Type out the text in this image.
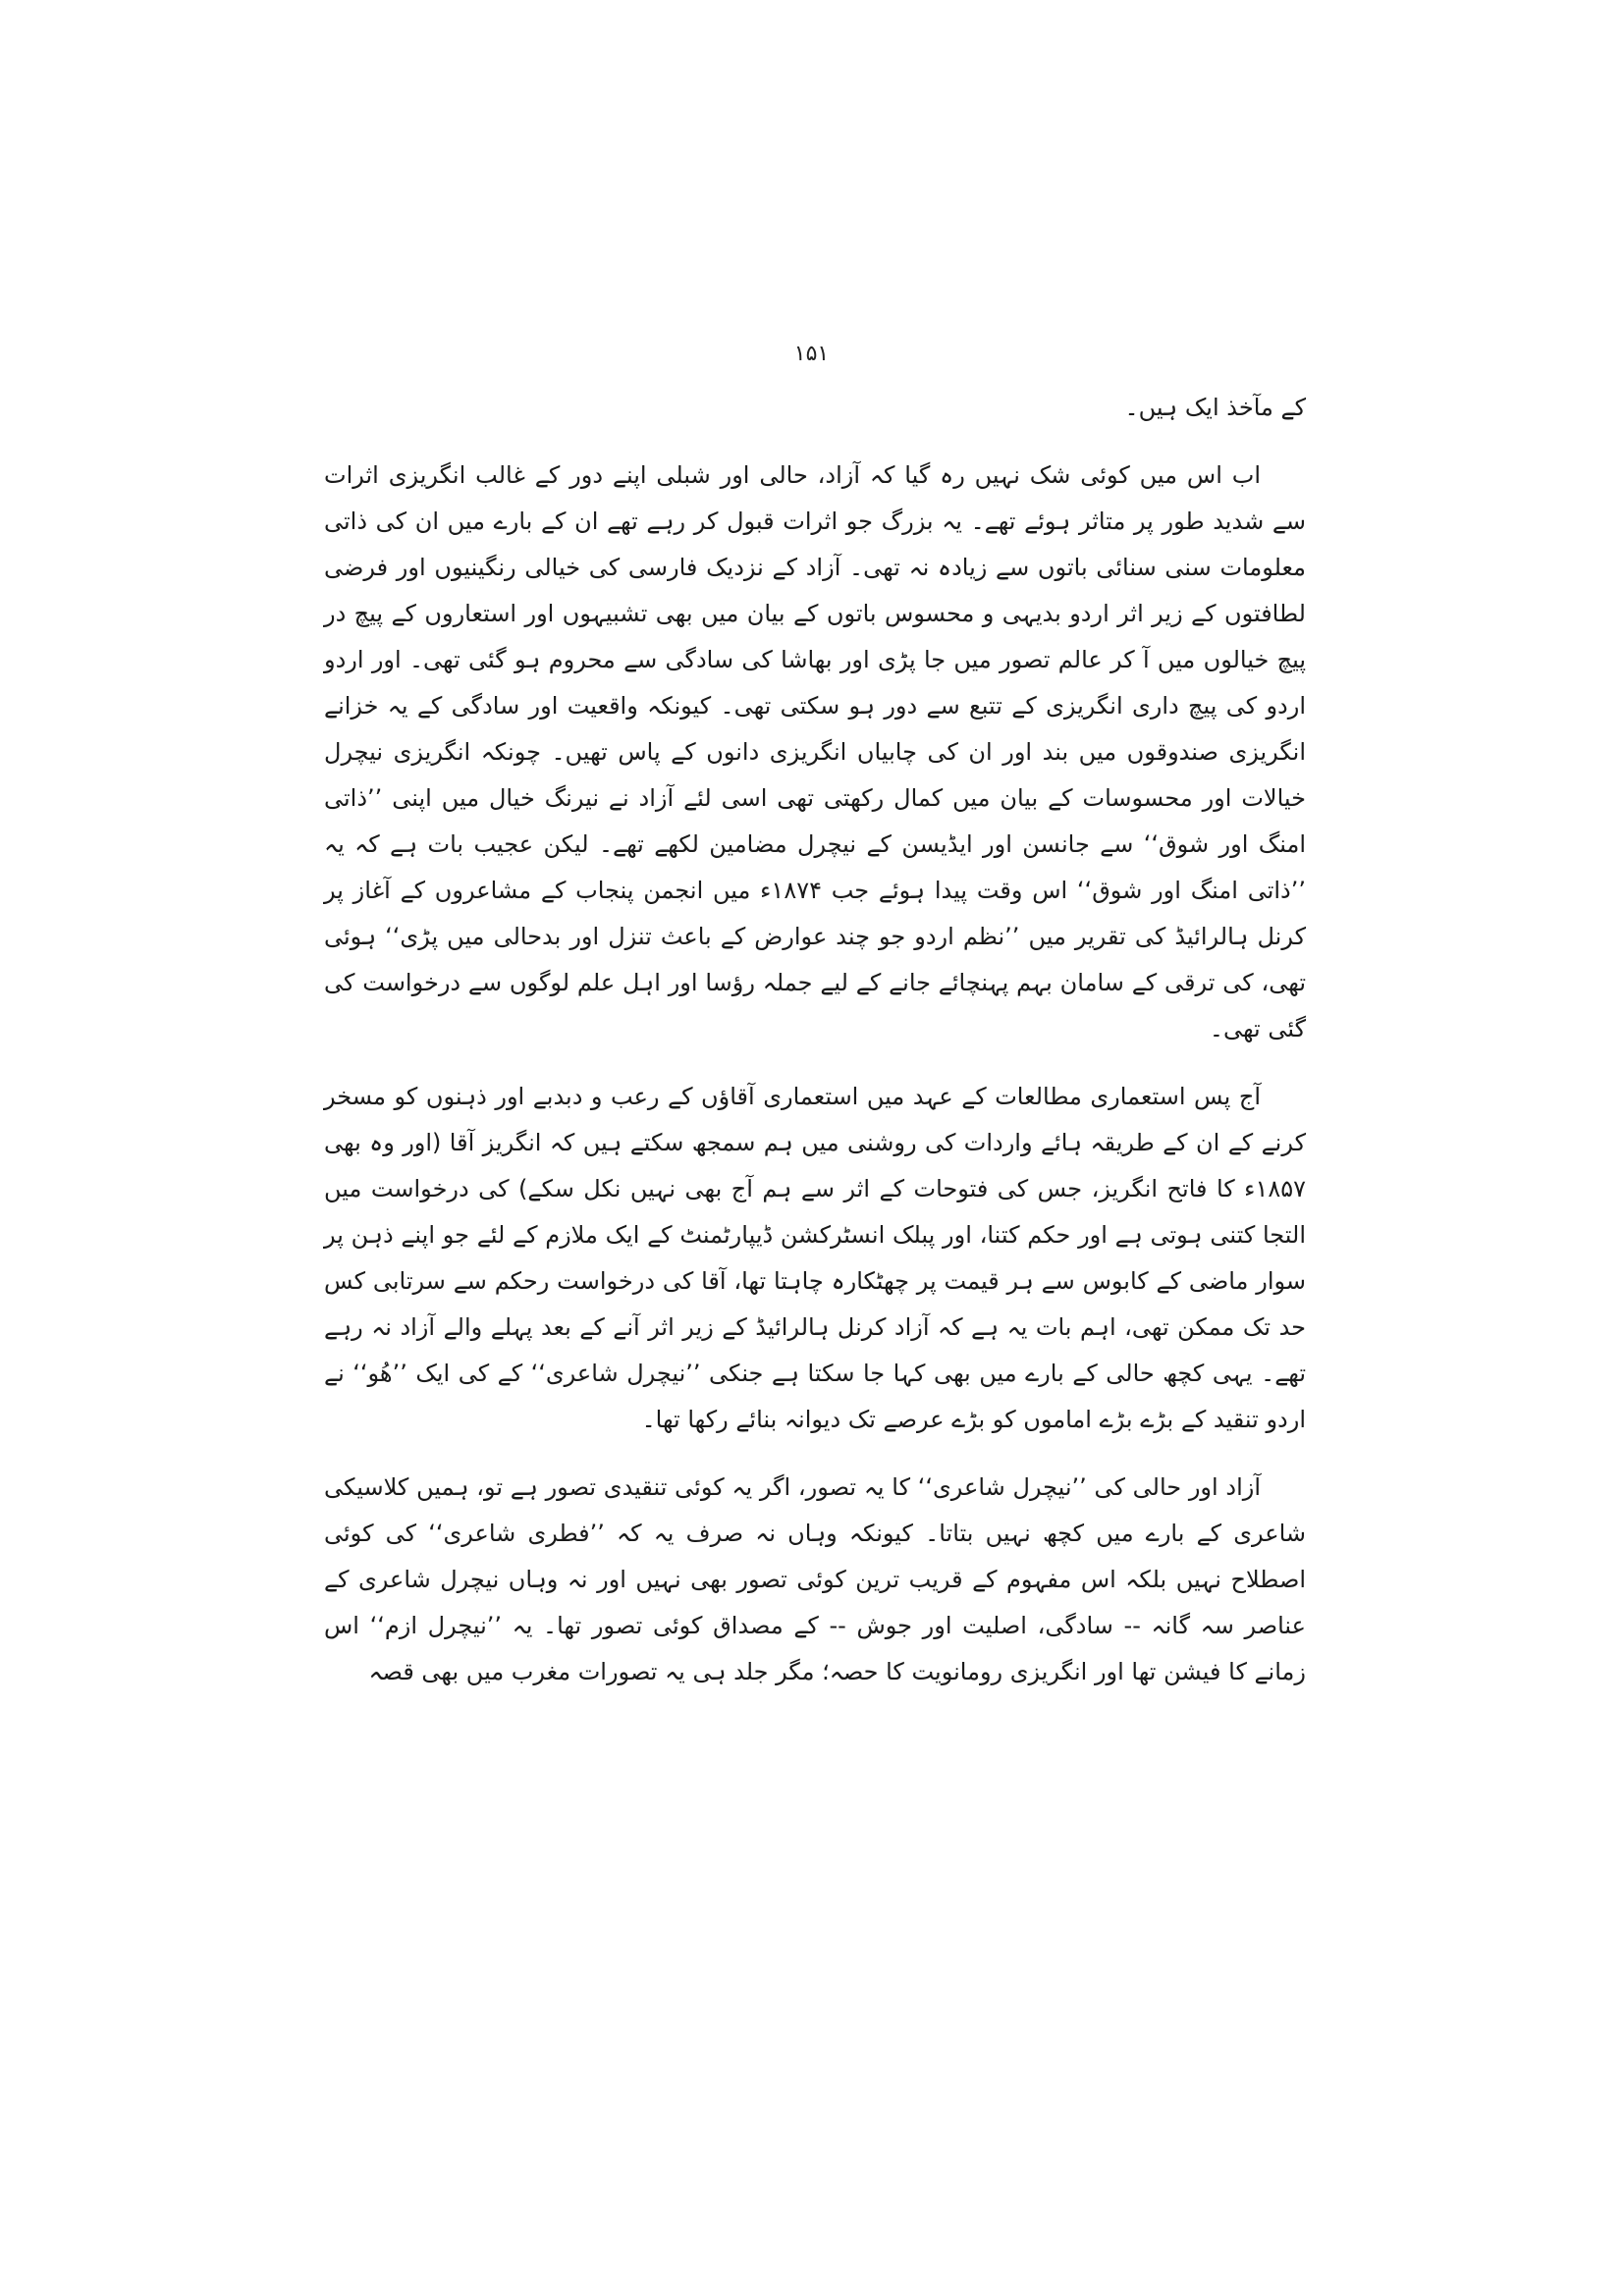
۱۵۱

کے مآخذ ایک ہیں۔

اب اس میں کوئی شک نہیں رہ گیا کہ آزاد، حالی اور شبلی اپنے دور کے غالب انگریزی اثرات سے شدید طور پر متاثر ہوئے تھے۔ یہ بزرگ جو اثرات قبول کر رہے تھے ان کے بارے میں ان کی ذاتی معلومات سنی سنائی باتوں سے زیادہ نہ تھی۔ آزاد کے نزدیک فارسی کی خیالی رنگینیوں اور فرضی لطافتوں کے زیر اثر اردو بدیہی و محسوس باتوں کے بیان میں بھی تشبیہوں اور استعاروں کے پیچ در پیچ خیالوں میں آ کر عالم تصور میں جا پڑی اور بھاشا کی سادگی سے محروم ہو گئی تھی۔ اور اردو اردو کی پیچ داری انگریزی کے تتبع سے دور ہو سکتی تھی۔ کیونکہ واقعیت اور سادگی کے یہ خزانے انگریزی صندوقوں میں بند اور ان کی چابیاں انگریزی دانوں کے پاس تھیں۔ چونکہ انگریزی نیچرل خیالات اور محسوسات کے بیان میں کمال رکھتی تھی اسی لئے آزاد نے نیرنگ خیال میں اپنی ’’ذاتی امنگ اور شوق‘‘ سے جانسن اور ایڈیسن کے نیچرل مضامین لکھے تھے۔ لیکن عجیب بات ہے کہ یہ ’’ذاتی امنگ اور شوق‘‘ اس وقت پیدا ہوئے جب ۱۸۷۴ء میں انجمن پنجاب کے مشاعروں کے آغاز پر کرنل ہالرائیڈ کی تقریر میں ’’نظم اردو جو چند عوارض کے باعث تنزل اور بدحالی میں پڑی‘‘ ہوئی تھی، کی ترقی کے سامان بہم پہنچائے جانے کے لیے جملہ رؤسا اور اہل علم لوگوں سے درخواست کی گئی تھی۔

آج پس استعماری مطالعات کے عہد میں استعماری آقاؤں کے رعب و دبدبے اور ذہنوں کو مسخر کرنے کے ان کے طریقہ ہائے واردات کی روشنی میں ہم سمجھ سکتے ہیں کہ انگریز آقا (اور وہ بھی ۱۸۵۷ء کا فاتح انگریز، جس کی فتوحات کے اثر سے ہم آج بھی نہیں نکل سکے) کی درخواست میں التجا کتنی ہوتی ہے اور حکم کتنا، اور پبلک انسٹرکشن ڈیپارٹمنٹ کے ایک ملازم کے لئے جو اپنے ذہن پر سوار ماضی کے کابوس سے ہر قیمت پر چھٹکارہ چاہتا تھا، آقا کی درخواست رحکم سے سرتابی کس حد تک ممکن تھی، اہم بات یہ ہے کہ آزاد کرنل ہالرائیڈ کے زیر اثر آنے کے بعد پہلے والے آزاد نہ رہے تھے۔ یہی کچھ حالی کے بارے میں بھی کہا جا سکتا ہے جنکی ’’نیچرل شاعری‘‘ کے کی ایک ’’ھُو‘‘ نے اردو تنقید کے بڑے بڑے اماموں کو بڑے عرصے تک دیوانہ بنائے رکھا تھا۔

آزاد اور حالی کی ’’نیچرل شاعری‘‘ کا یہ تصور، اگر یہ کوئی تنقیدی تصور ہے تو، ہمیں کلاسیکی شاعری کے بارے میں کچھ نہیں بتاتا۔ کیونکہ وہاں نہ صرف یہ کہ ’’فطری شاعری‘‘ کی کوئی اصطلاح نہیں بلکہ اس مفہوم کے قریب ترین کوئی تصور بھی نہیں اور نہ وہاں نیچرل شاعری کے عناصر سہ گانہ -- سادگی، اصلیت اور جوش -- کے مصداق کوئی تصور تھا۔ یہ ’’نیچرل ازم‘‘ اس زمانے کا فیشن تھا اور انگریزی رومانویت کا حصہ؛ مگر جلد ہی یہ تصورات مغرب میں بھی قصہ
